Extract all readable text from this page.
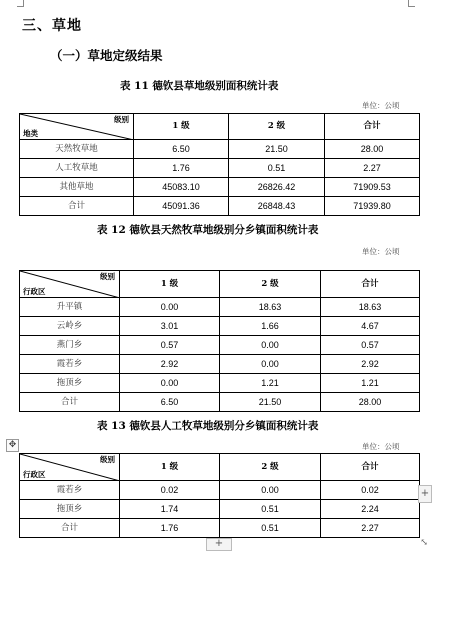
三、草地
（一）草地定级结果
表 11 德钦县草地级别面积统计表
单位：公顷
级别
地类	1 级	2 级	合计
天然牧草地	6.50	21.50	28.00
人工牧草地	1.76	0.51	2.27
其他草地	45083.10	26826.42	71909.53
合计	45091.36	26848.43	71939.80
表 12 德钦县天然牧草地级别分乡镇面积统计表
单位：公顷
级别
行政区	1 级	2 级	合计
升平镇	0.00	18.63	18.63
云岭乡	3.01	1.66	4.67
燕门乡	0.57	0.00	0.57
霞若乡	2.92	0.00	2.92
拖顶乡	0.00	1.21	1.21
合计	6.50	21.50	28.00
表 13 德钦县人工牧草地级别分乡镇面积统计表
单位：公顷
✥
级别
行政区	1 级	2 级	合计
霞若乡	0.02	0.00	0.02
拖顶乡	1.74	0.51	2.24
合计	1.76	0.51	2.27
+
+	⤡
